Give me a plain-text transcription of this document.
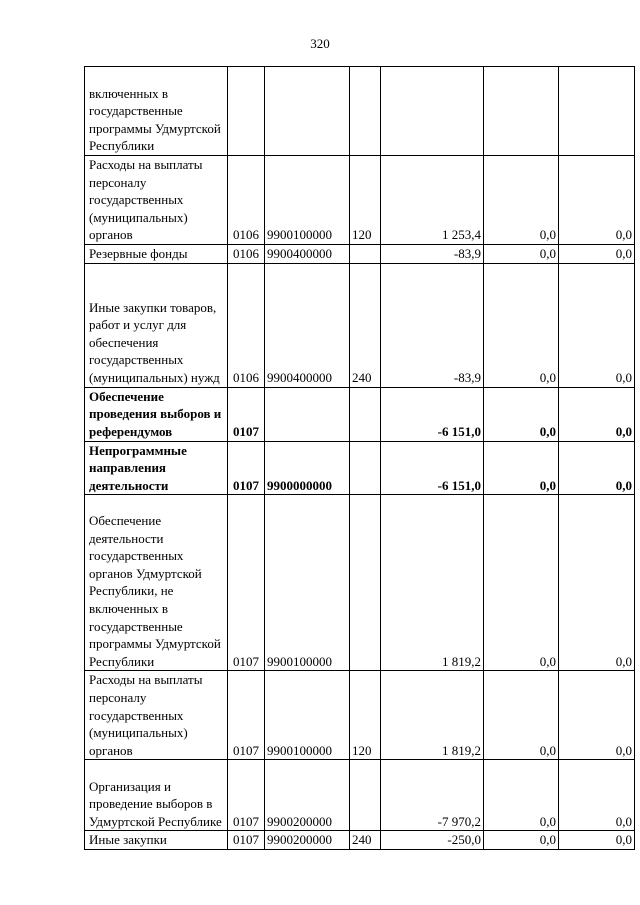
320
включенных в государственные программы Удмуртской Республики						

Расходы на выплаты персоналу государственных (муниципальных) органов	0106	9900100000	120	1 253,4	0,0	0,0

Резервные фонды	0106	9900400000		-83,9	0,0	0,0

Иные закупки товаров, работ и услуг для обеспечения государственных (муниципальных) нужд	0106	9900400000	240	-83,9	0,0	0,0

Обеспечение проведения выборов и референдумов	0107			-6 151,0	0,0	0,0

Непрограммные направления деятельности	0107	9900000000		-6 151,0	0,0	0,0

Обеспечение деятельности государственных органов Удмуртской Республики, не включенных в государственные программы Удмуртской Республики	0107	9900100000		1 819,2	0,0	0,0

Расходы на выплаты персоналу государственных (муниципальных) органов	0107	9900100000	120	1 819,2	0,0	0,0

Организация и проведение выборов в Удмуртской Республике	0107	9900200000		-7 970,2	0,0	0,0

Иные закупки	0107	9900200000	240	-250,0	0,0	0,0
